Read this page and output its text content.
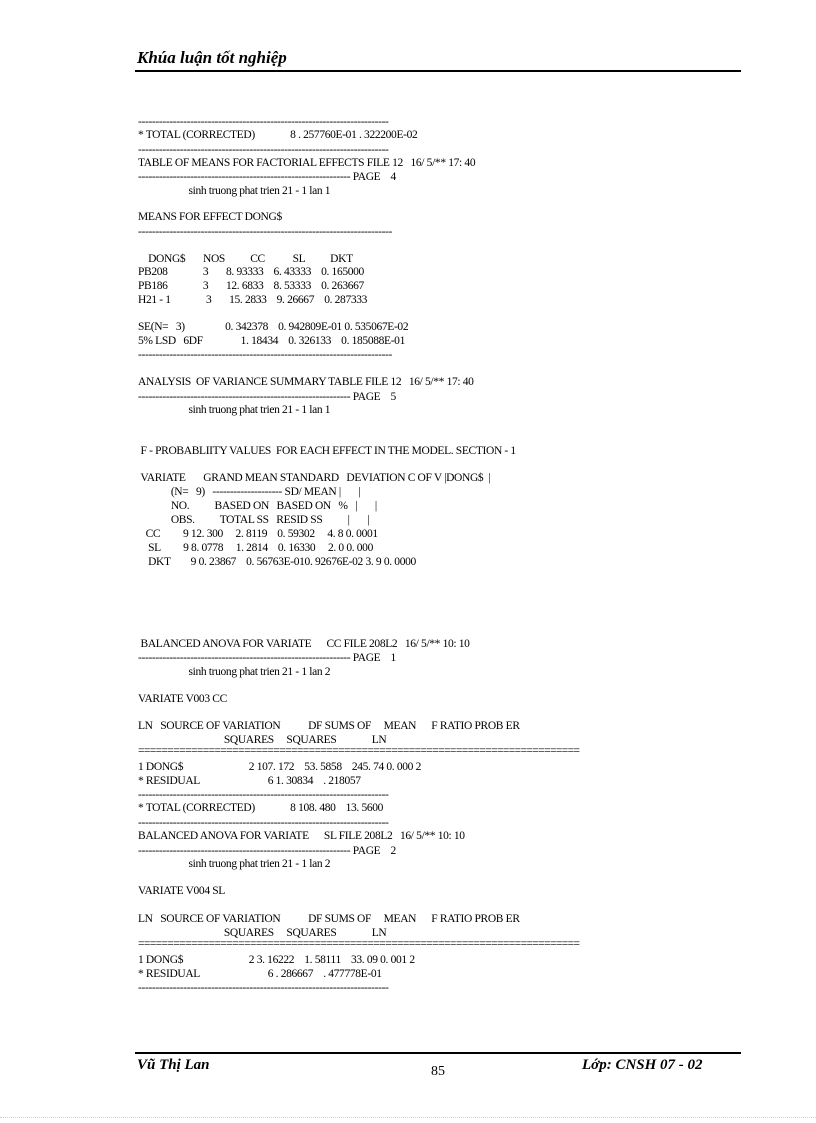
Khúa luận tốt nghiệp
------------------------------------------------------------------------
* TOTAL (CORRECTED)              8 . 257760E-01 . 322200E-02
------------------------------------------------------------------------
TABLE OF MEANS FOR FACTORIAL EFFECTS FILE 12   16/ 5/** 17: 40
------------------------------------------------------------- PAGE    4
sinh truong phat trien 21 - 1 lan 1
MEANS FOR EFFECT DONG$
-------------------------------------------------------------------------
DONG$       NOS          CC           SL          DKT
PB208              3       8. 93333    6. 43333    0. 165000
PB186              3       12. 6833    8. 53333    0. 263667
H21 - 1              3       15. 2833    9. 26667    0. 287333
SE(N=   3)                0. 342378    0. 942809E-01 0. 535067E-02
5% LSD   6DF               1. 18434    0. 326133    0. 185088E-01
-------------------------------------------------------------------------
ANALYSIS  OF VARIANCE SUMMARY TABLE FILE 12   16/ 5/** 17: 40
------------------------------------------------------------- PAGE    5
sinh truong phat trien 21 - 1 lan 1
F - PROBABLIITY VALUES  FOR EACH EFFECT IN THE MODEL. SECTION - 1
VARIATE       GRAND MEAN STANDARD   DEVIATION C OF V |DONG$  |
(N=   9)   -------------------- SD/ MEAN |       |
NO.          BASED ON   BASED ON   %   |       |
OBS.          TOTAL SS   RESID SS          |       |
CC         9 12. 300     2. 8119    0. 59302     4. 8 0. 0001
SL         9 8. 0778     1. 2814    0. 16330     2. 0 0. 000
DKT        9 0. 23867    0. 56763E-010. 92676E-02 3. 9 0. 0000
BALANCED ANOVA FOR VARIATE      CC FILE 208L2   16/ 5/** 10: 10
------------------------------------------------------------- PAGE    1
sinh truong phat trien 21 - 1 lan 2
VARIATE V003 CC
LN   SOURCE OF VARIATION           DF SUMS OF     MEAN      F RATIO PROB ER
SQUARES     SQUARES              LN
===========================================================================
1 DONG$                          2 107. 172    53. 5858    245. 74 0. 000 2
* RESIDUAL                           6 1. 30834    . 218057
------------------------------------------------------------------------
* TOTAL (CORRECTED)              8 108. 480    13. 5600
------------------------------------------------------------------------
BALANCED ANOVA FOR VARIATE      SL FILE 208L2   16/ 5/** 10: 10
------------------------------------------------------------- PAGE    2
sinh truong phat trien 21 - 1 lan 2
VARIATE V004 SL
LN   SOURCE OF VARIATION           DF SUMS OF     MEAN      F RATIO PROB ER
SQUARES     SQUARES              LN
===========================================================================
1 DONG$                          2 3. 16222    1. 58111    33. 09 0. 001 2
* RESIDUAL                           6 . 286667    . 477778E-01
------------------------------------------------------------------------
Vũ Thị Lan	85	Lớp: CNSH 07 - 02
